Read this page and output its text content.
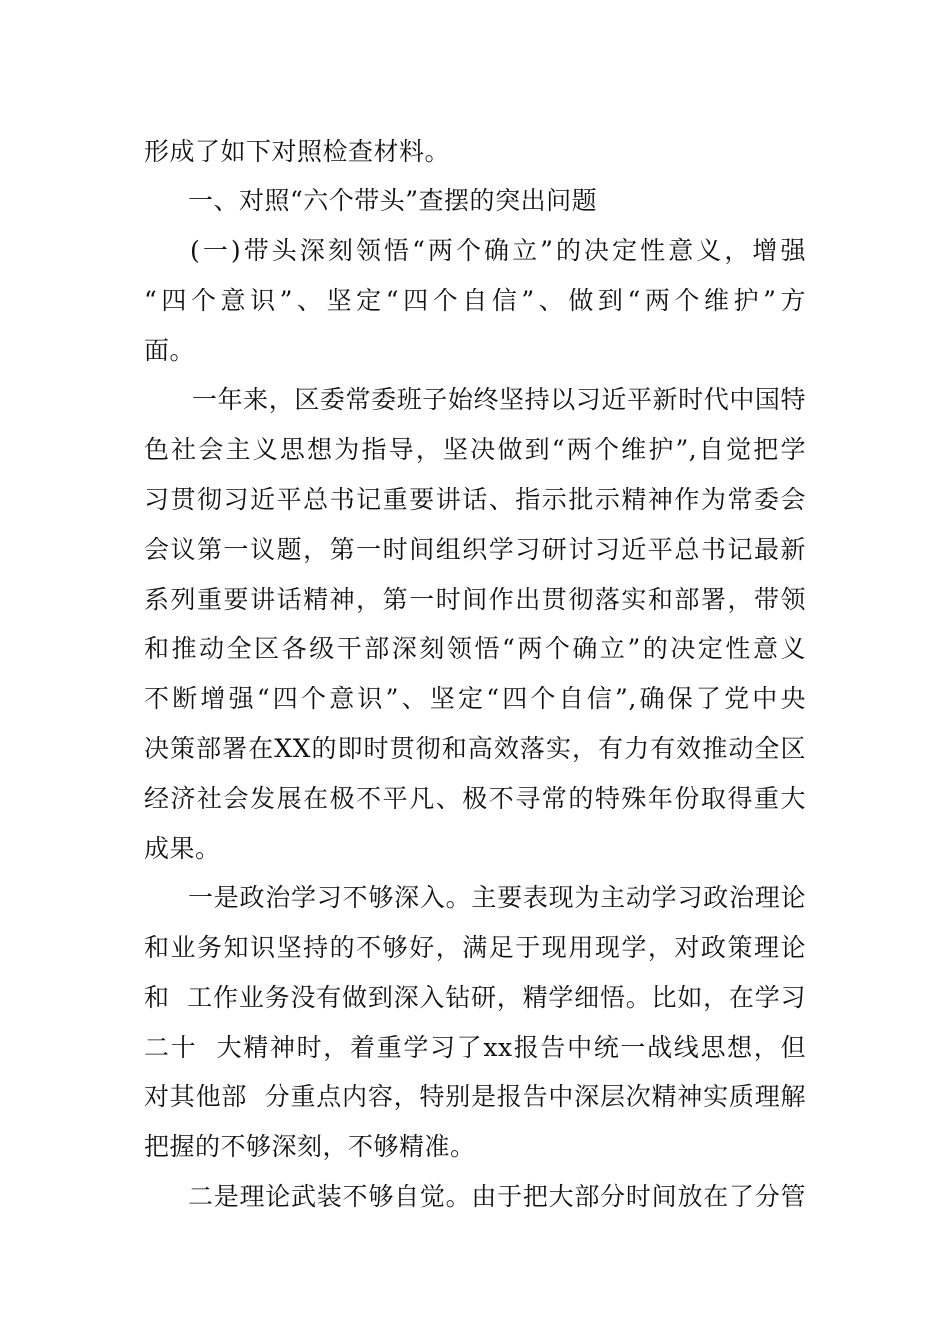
形成了如下对照检查材料。
一、对照“六个带头”查摆的突出问题
(一)带头深刻领悟“两个确立”的决定性意义，增强
“四个意识”、坚定“四个自信”、做到“两个维护”方
面。
一年来，区委常委班子始终坚持以习近平新时代中国特
色社会主义思想为指导，坚决做到“两个维护”,自觉把学
习贯彻习近平总书记重要讲话、指示批示精神作为常委会
会议第一议题，第一时间组织学习研讨习近平总书记最新
系列重要讲话精神，第一时间作出贯彻落实和部署，带领
和推动全区各级干部深刻领悟“两个确立”的决定性意义
不断增强“四个意识”、坚定“四个自信”,确保了党中央
决策部署在XX的即时贯彻和高效落实，有力有效推动全区
经济社会发展在极不平凡、极不寻常的特殊年份取得重大
成果。
一是政治学习不够深入。主要表现为主动学习政治理论
和业务知识坚持的不够好，满足于现用现学，对政策理论
和  工作业务没有做到深入钻研，精学细悟。比如，在学习
二十  大精神时，着重学习了xx报告中统一战线思想，但
对其他部  分重点内容，特别是报告中深层次精神实质理解
把握的不够深刻，不够精准。
二是理论武装不够自觉。由于把大部分时间放在了分管
